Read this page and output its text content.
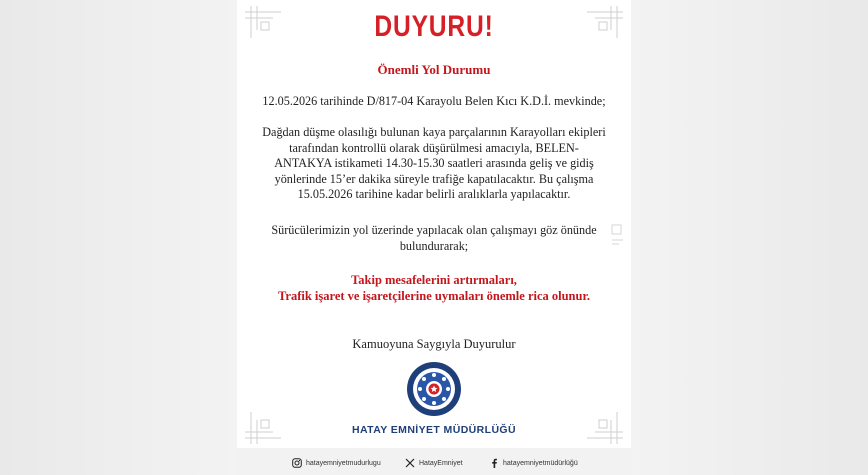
DUYURU!
Önemli Yol Durumu
12.05.2026 tarihinde D/817-04 Karayolu Belen Kıcı K.D.İ. mevkinde;
Dağdan düşme olasılığı bulunan kaya parçalarının Karayolları ekipleri tarafından kontrollü olarak düşürülmesi amacıyla, BELEN-ANTAKYA istikameti 14.30-15.30 saatleri arasında geliş ve gidiş yönlerinde 15’er dakika süreyle trafiğe kapatılacaktır. Bu çalışma 15.05.2026 tarihine kadar belirli aralıklarla yapılacaktır.
Sürücülerimizin yol üzerinde yapılacak olan çalışmayı göz önünde bulundurarak;
Takip mesafelerini artırmaları,
Trafik işaret ve işaretçilerine uymaları önemle rica olunur.
Kamuoyuna Saygıyla Duyurulur
HATAY EMNİYET MÜDÜRLÜĞÜ
hatayemniyetmudurlugu	HatayEmniyet	hatayemniyetmüdürlüğü
